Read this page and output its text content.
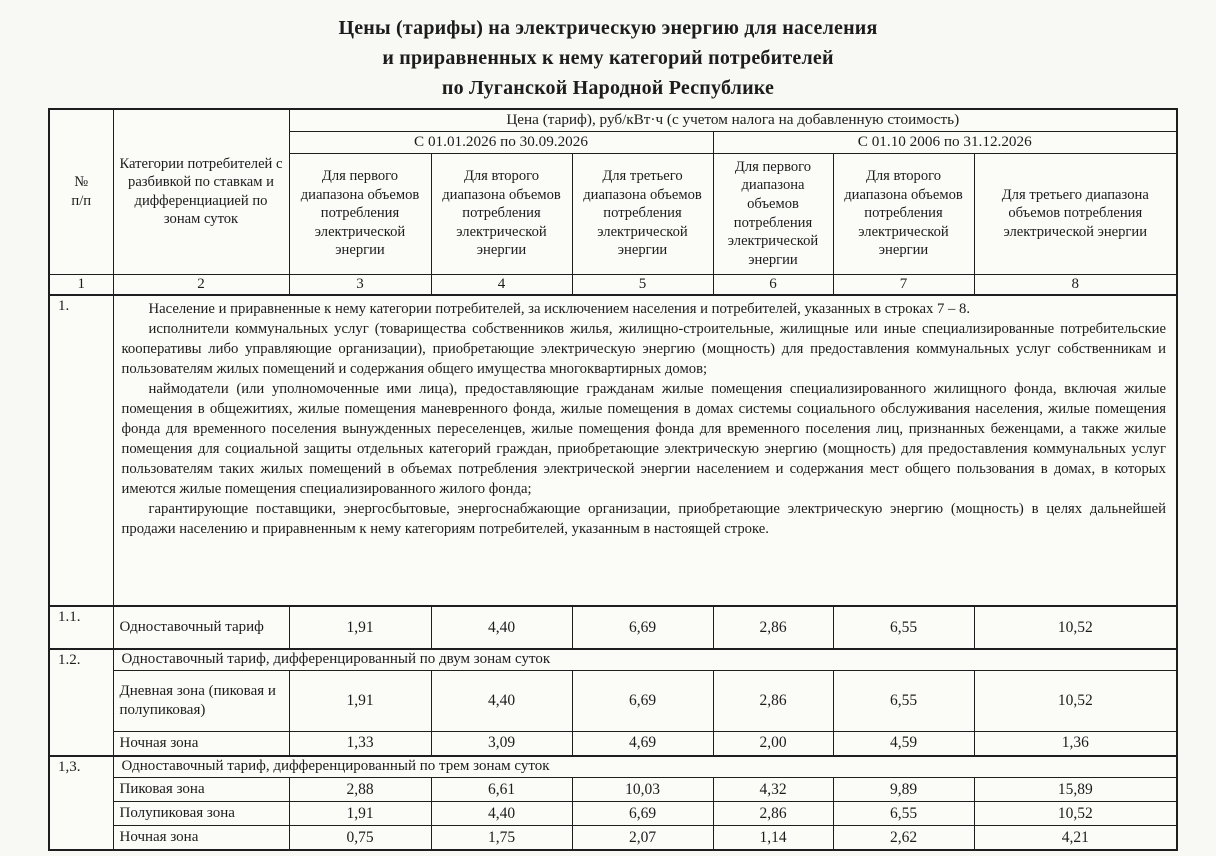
Цены (тарифы) на электрическую энергию для населения
и приравненных к нему категорий потребителей
по Луганской Народной Республике
№
п/п	Категории потребителей с разбивкой по ставкам и дифференциацией по зонам суток	Цена (тариф), руб/кВт·ч (с учетом налога на добавленную стоимость)					
		С 01.01.2026 по 30.09.2026			С 01.10 2006 по 31.12.2026		
		Для первого диапазона объемов потребления электрической энергии	Для второго диапазона объемов потребления электрической энергии	Для третьего диапазона объемов потребления электрической энергии	Для первого диапазона объемов потребления электрической энергии	Для второго диапазона объемов потребления электрической энергии	Для третьего диапазона объемов потребления электрической энергии
1	2	3	4	5	6	7	8
1.	Население и приравненные к нему категории потребителей, за исключением населения и потребителей, указанных в строках 7 – 8.

исполнители коммунальных услуг (товарищества собственников жилья, жилищно-строительные, жилищные или иные специализированные потребительские кооперативы либо управляющие организации), приобретающие электрическую энергию (мощность) для предоставления коммунальных услуг собственникам и пользователям жилых помещений и содержания общего имущества многоквартирных домов;

наймодатели (или уполномоченные ими лица), предоставляющие гражданам жилые помещения специализированного жилищного фонда, включая жилые помещения в общежитиях, жилые помещения маневренного фонда, жилые помещения в домах системы социального обслуживания населения, жилые помещения фонда для временного поселения вынужденных переселенцев, жилые помещения фонда для временного поселения лиц, признанных беженцами, а также жилые помещения для социальной защиты отдельных категорий граждан, приобретающие электрическую энергию (мощность) для предоставления коммунальных услуг пользователям таких жилых помещений в объемах потребления электрической энергии населением и содержания мест общего пользования в домах, в которых имеются жилые помещения специализированного жилого фонда;

гарантирующие поставщики, энергосбытовые, энергоснабжающие организации, приобретающие электрическую энергию (мощность) в целях дальнейшей продажи населению и приравненным к нему категориям потребителей, указанным в настоящей строке.						

1.1.	Одноставочный тариф	1,91	4,40	6,69	2,86	6,55	10,52
1.2.	Одноставочный тариф, дифференцированный по двум зонам суток						
	Дневная зона (пиковая и полупиковая)	1,91	4,40	6,69	2,86	6,55	10,52
	Ночная зона	1,33	3,09	4,69	2,00	4,59	1,36
1,3.	Одноставочный тариф, дифференцированный по трем зонам суток						
	Пиковая зона	2,88	6,61	10,03	4,32	9,89	15,89
	Полупиковая зона	1,91	4,40	6,69	2,86	6,55	10,52
	Ночная зона	0,75	1,75	2,07	1,14	2,62	4,21
